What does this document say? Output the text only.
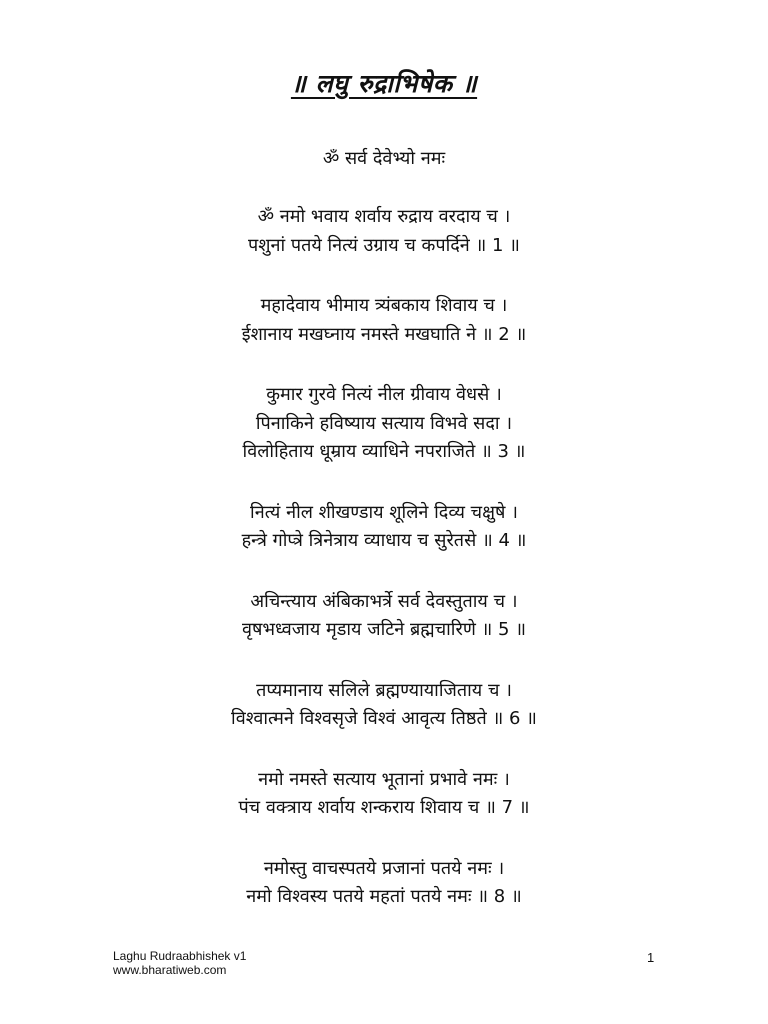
॥ लघु रुद्राभिषेक ॥
ॐ सर्व देवेभ्यो नमः
ॐ नमो भवाय शर्वाय रुद्राय वरदाय च ।
पशुनां पतये नित्यं उग्राय च कपर्दिने ॥ 1 ॥
महादेवाय भीमाय त्र्यंबकाय शिवाय च ।
ईशानाय मखघ्नाय नमस्ते मखघाति ने ॥ 2 ॥
कुमार गुरवे नित्यं नील ग्रीवाय वेधसे ।
पिनाकिने हविष्याय सत्याय विभवे सदा ।
विलोहिताय धूम्राय व्याधिने नपराजिते ॥ 3 ॥
नित्यं नील शीखण्डाय शूलिने दिव्य चक्षुषे ।
हन्त्रे गोप्त्रे त्रिनेत्राय व्याधाय च सुरेतसे ॥ 4 ॥
अचिन्त्याय अंबिकाभर्त्रे सर्व देवस्तुताय च ।
वृषभध्वजाय मृडाय जटिने ब्रह्मचारिणे ॥ 5 ॥
तप्यमानाय सलिले ब्रह्मण्यायाजिताय च ।
विश्वात्मने विश्वसृजे विश्वं आवृत्य तिष्ठते ॥ 6 ॥
नमो नमस्ते सत्याय भूतानां प्रभावे नमः ।
पंच वक्त्राय शर्वाय शन्कराय शिवाय च ॥ 7 ॥
नमोस्तु वाचस्पतये प्रजानां पतये नमः ।
नमो विश्वस्य पतये महतां पतये नमः ॥ 8 ॥
Laghu Rudraabhishek v1
www.bharatiweb.com
1
